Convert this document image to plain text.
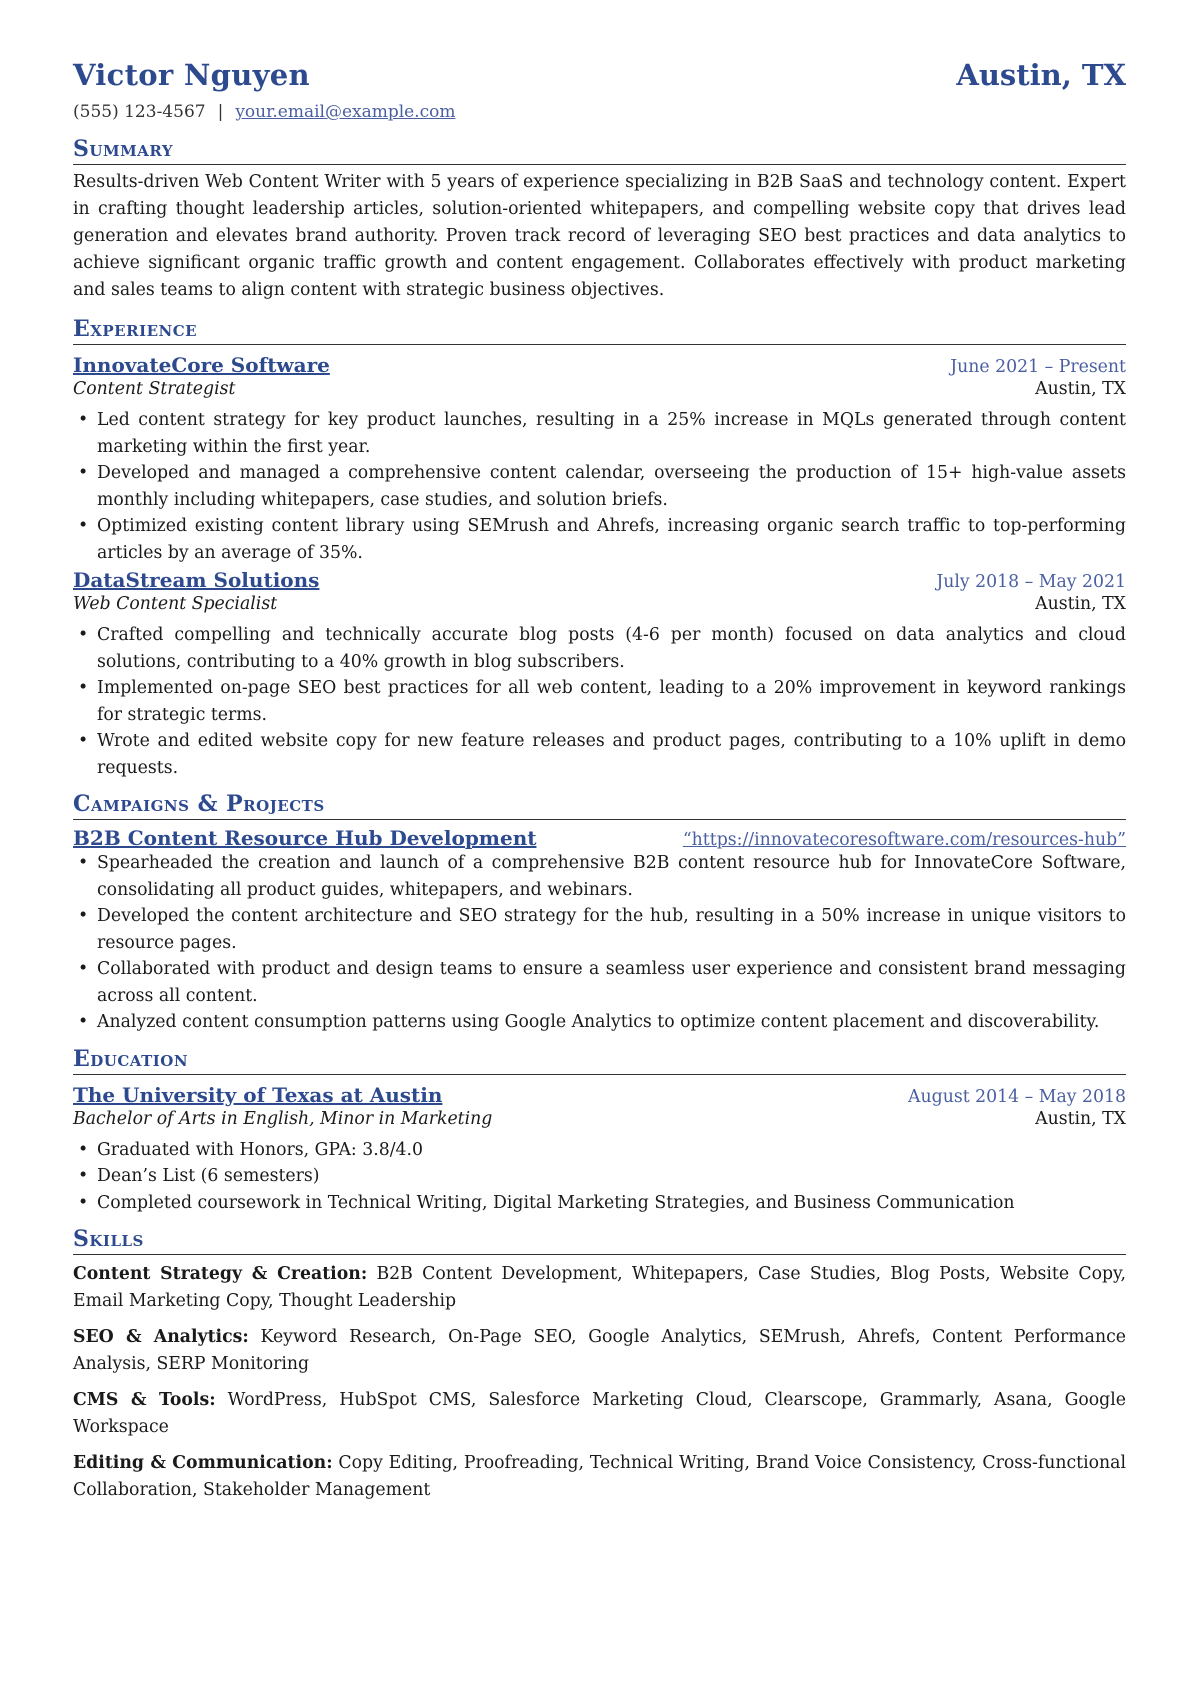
Victor Nguyen	Austin, TX
(555) 123-4567 | your.email@example.com
Summary

Results-driven Web Content Writer with 5 years of experience specializing in B2B SaaS and technology content. Expert in crafting thought leadership articles, solution-oriented whitepapers, and compelling website copy that drives lead generation and elevates brand authority. Proven track record of leveraging SEO best practices and data analytics to achieve significant organic traffic growth and content engagement. Collaborates effectively with product marketing and sales teams to align content with strategic business objectives.

Experience
InnovateCore Software	June 2021 – Present
Content Strategist	Austin, TX
• Led content strategy for key product launches, resulting in a 25% increase in MQLs generated through content marketing within the first year.
• Developed and managed a comprehensive content calendar, overseeing the production of 15+ high-value assets monthly including whitepapers, case studies, and solution briefs.
• Optimized existing content library using SEMrush and Ahrefs, increasing organic search traffic to top-performing articles by an average of 35%.
DataStream Solutions	July 2018 – May 2021
Web Content Specialist	Austin, TX
• Crafted compelling and technically accurate blog posts (4-6 per month) focused on data analytics and cloud solutions, contributing to a 40% growth in blog subscribers.
• Implemented on-page SEO best practices for all web content, leading to a 20% improvement in keyword rankings for strategic terms.
• Wrote and edited website copy for new feature releases and product pages, contributing to a 10% uplift in demo requests.
Campaigns & Projects
B2B Content Resource Hub Development	“https://innovatecoresoftware.com/resources-hub”
• Spearheaded the creation and launch of a comprehensive B2B content resource hub for InnovateCore Software, consolidating all product guides, whitepapers, and webinars.
• Developed the content architecture and SEO strategy for the hub, resulting in a 50% increase in unique visitors to resource pages.
• Collaborated with product and design teams to ensure a seamless user experience and consistent brand messaging across all content.
• Analyzed content consumption patterns using Google Analytics to optimize content placement and discoverability.
Education
The University of Texas at Austin	August 2014 – May 2018
Bachelor of Arts in English, Minor in Marketing	Austin, TX
• Graduated with Honors, GPA: 3.8/4.0
• Dean’s List (6 semesters)
• Completed coursework in Technical Writing, Digital Marketing Strategies, and Business Communication
Skills

Content Strategy & Creation: B2B Content Development, Whitepapers, Case Studies, Blog Posts, Website Copy, Email Marketing Copy, Thought Leadership

SEO & Analytics: Keyword Research, On-Page SEO, Google Analytics, SEMrush, Ahrefs, Content Performance Analysis, SERP Monitoring

CMS & Tools: WordPress, HubSpot CMS, Salesforce Marketing Cloud, Clearscope, Grammarly, Asana, Google Workspace

Editing & Communication: Copy Editing, Proofreading, Technical Writing, Brand Voice Consistency, Cross-functional Collaboration, Stakeholder Management
